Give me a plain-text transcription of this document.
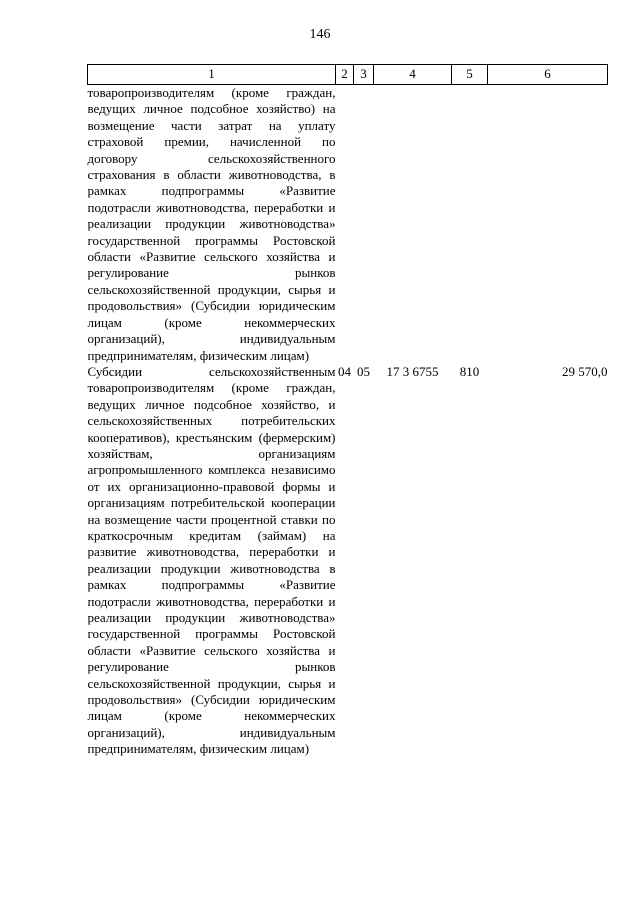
146
1	2	3	4	5	6
товаропроизводителям (кроме граждан, ведущих личное подсобное хозяйство) на возмещение части затрат на уплату страховой премии, начисленной по договору сельскохозяйственного страхования в области животноводства, в рамках подпрограммы «Развитие подотрасли животноводства, переработки и реализации продукции животноводства» государственной программы Ростовской области «Развитие сельского хозяйства и регулирование рынков сельскохозяйственной продукции, сырья и продовольствия» (Субсидии юридическим лицам (кроме некоммерческих организаций), индивидуальным предпринимателям, физическим лицам)					
Субсидии сельскохозяйственным товаропроизводителям (кроме граждан, ведущих личное подсобное хозяйство, и сельскохозяйственных потребительских кооперативов), крестьянским (фермерским) хозяйствам, организациям агропромышленного комплекса независимо от их организационно-правовой формы и организациям потребительской кооперации на возмещение части процентной ставки по краткосрочным кредитам (займам) на развитие животноводства, переработки и реализации продукции животноводства в рамках подпрограммы «Развитие подотрасли животноводства, переработки и реализации продукции животноводства» государственной программы Ростовской области «Развитие сельского хозяйства и регулирование рынков сельскохозяйственной продукции, сырья и продовольствия» (Субсидии юридическим лицам (кроме некоммерческих организаций), индивидуальным предпринимателям, физическим лицам)	04	05	17 3 6755	810	29 570,0
